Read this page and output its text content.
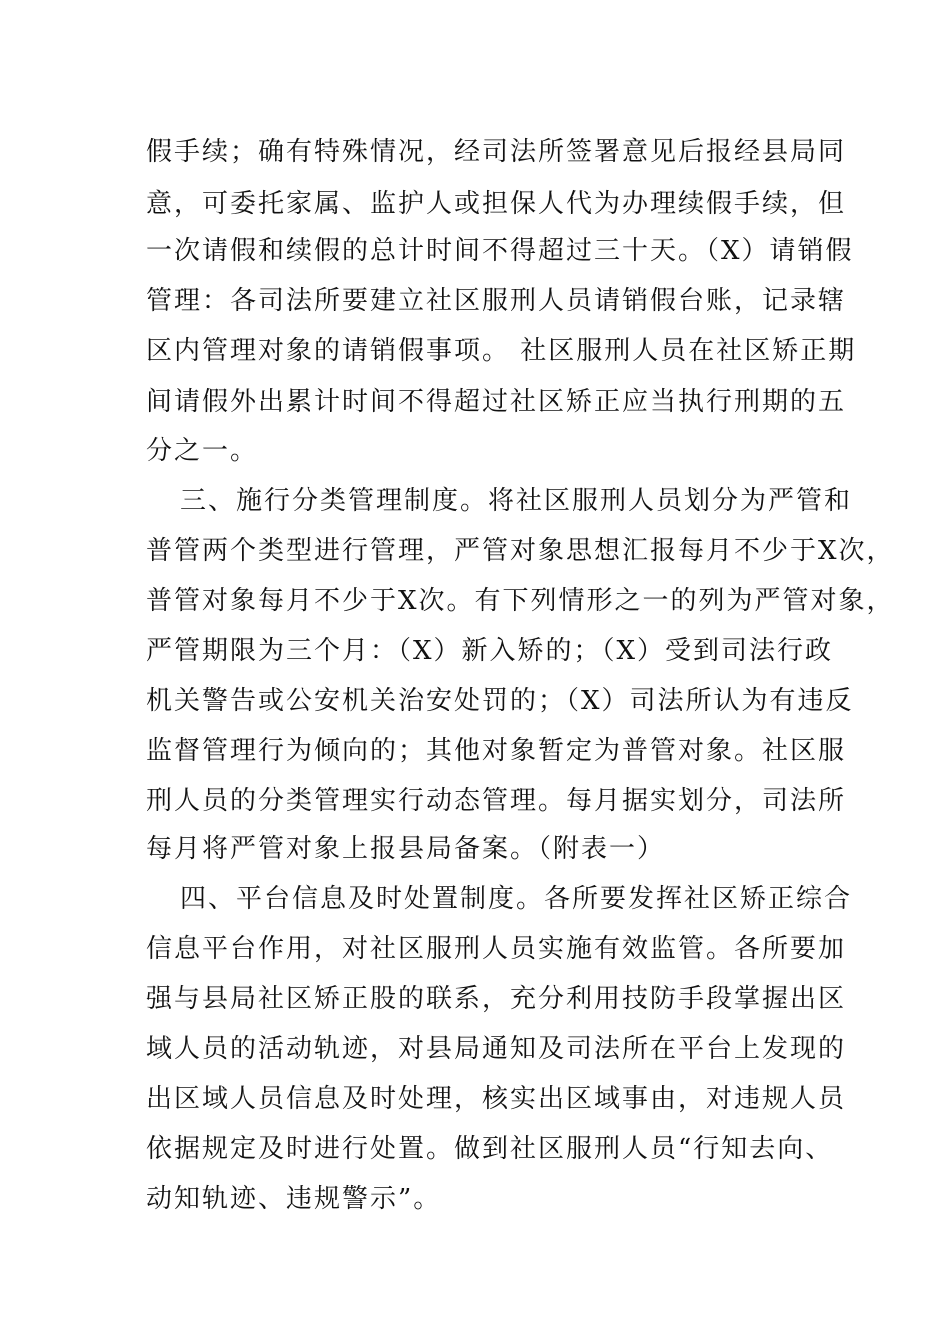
假手续；确有特殊情况，经司法所签署意见后报经县局同
意，可委托家属、监护人或担保人代为办理续假手续，但
一次请假和续假的总计时间不得超过三十天。（X）请销假
管理：各司法所要建立社区服刑人员请销假台账，记录辖
区内管理对象的请销假事项。 社区服刑人员在社区矫正期
间请假外出累计时间不得超过社区矫正应当执行刑期的五
分之一。
三、施行分类管理制度。将社区服刑人员划分为严管和
普管两个类型进行管理，严管对象思想汇报每月不少于X次，
普管对象每月不少于X次。有下列情形之一的列为严管对象，
严管期限为三个月：（X）新入矫的；（X）受到司法行政
机关警告或公安机关治安处罚的；（X）司法所认为有违反
监督管理行为倾向的；其他对象暂定为普管对象。社区服
刑人员的分类管理实行动态管理。每月据实划分，司法所
每月将严管对象上报县局备案。（附表一）
四、平台信息及时处置制度。各所要发挥社区矫正综合
信息平台作用，对社区服刑人员实施有效监管。各所要加
强与县局社区矫正股的联系，充分利用技防手段掌握出区
域人员的活动轨迹，对县局通知及司法所在平台上发现的
出区域人员信息及时处理，核实出区域事由，对违规人员
依据规定及时进行处置。做到社区服刑人员“行知去向、
动知轨迹、违规警示”。
